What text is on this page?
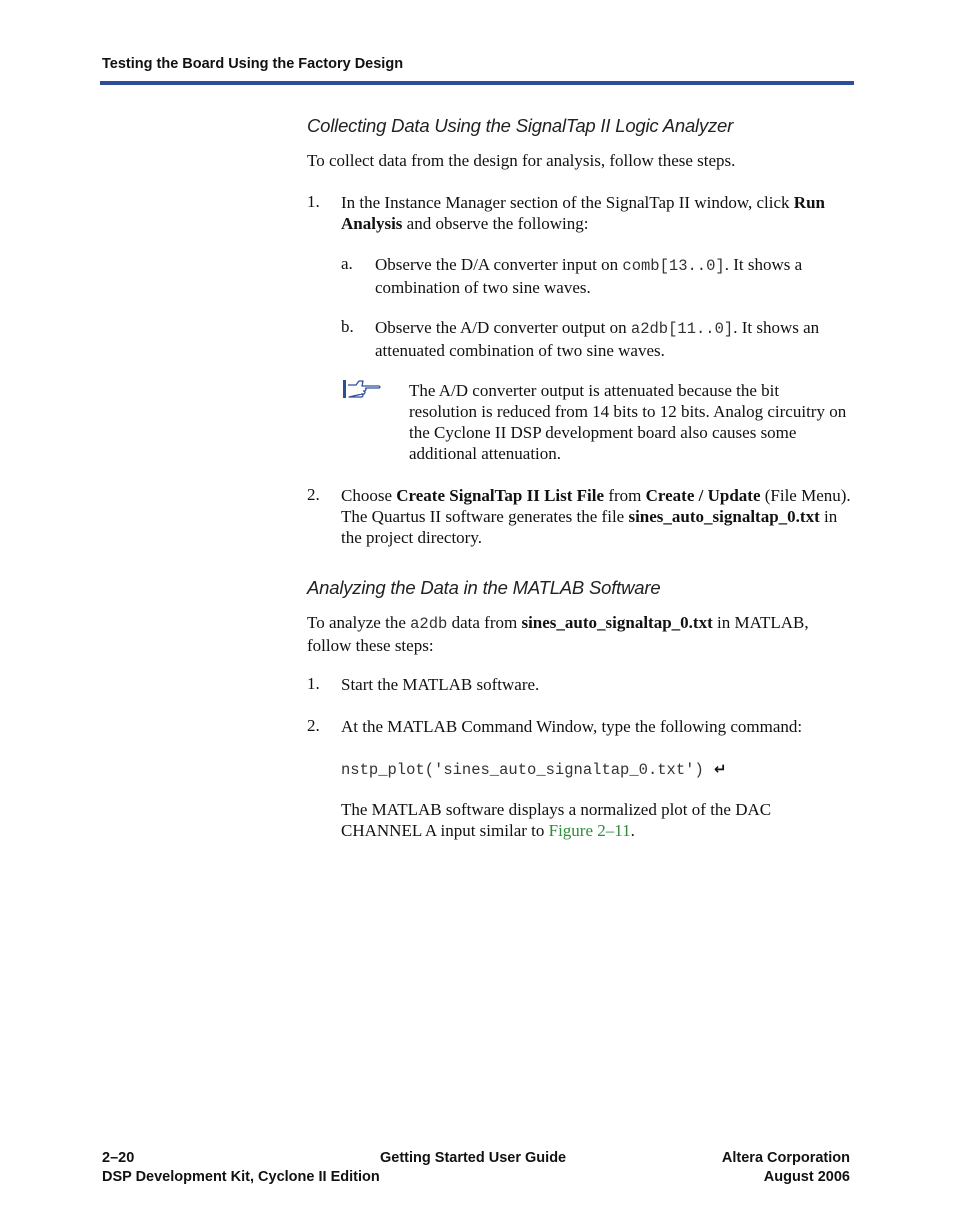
Testing the Board Using the Factory Design
Collecting Data Using the SignalTap II Logic Analyzer
To collect data from the design for analysis, follow these steps.
1. In the Instance Manager section of the SignalTap II window, click Run Analysis and observe the following:
a. Observe the D/A converter input on comb[13..0]. It shows a combination of two sine waves.
b. Observe the A/D converter output on a2db[11..0]. It shows an attenuated combination of two sine waves.
The A/D converter output is attenuated because the bit resolution is reduced from 14 bits to 12 bits. Analog circuitry on the Cyclone II DSP development board also causes some additional attenuation.
2. Choose Create SignalTap II List File from Create / Update (File Menu). The Quartus II software generates the file sines_auto_signaltap_0.txt in the project directory.
Analyzing the Data in the MATLAB Software
To analyze the a2db data from sines_auto_signaltap_0.txt in MATLAB, follow these steps:
1. Start the MATLAB software.
2. At the MATLAB Command Window, type the following command:
nstp_plot('sines_auto_signaltap_0.txt') ↵
The MATLAB software displays a normalized plot of the DAC CHANNEL A input similar to Figure 2–11.
2–20	Getting Started User Guide	Altera Corporation
DSP Development Kit, Cyclone II Edition	August 2006
